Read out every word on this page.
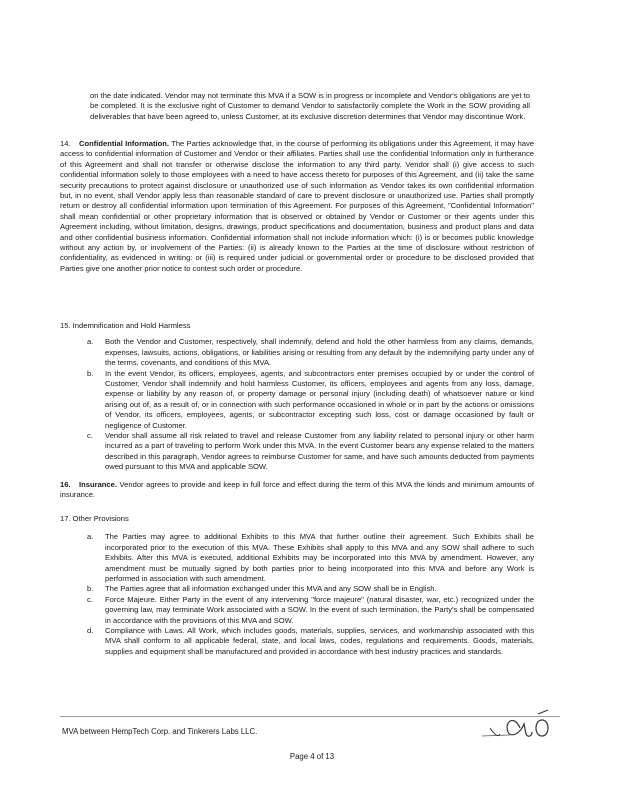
on the date indicated. Vendor may not terminate this MVA if a SOW is in progress or incomplete and Vendor's obligations are yet to be completed. It is the exclusive right of Customer to demand Vendor to satisfactorily complete the Work in the SOW providing all deliverables that have been agreed to, unless Customer, at its exclusive discretion determines that Vendor may discontinue Work.

14. Confidential Information. The Parties acknowledge that, in the course of performing its obligations under this Agreement, it may have access to confidential information of Customer and Vendor or their affiliates. Parties shall use the confidential Information only in furtherance of this Agreement and shall not transfer or otherwise disclose the information to any third party. Vendor shall (i) give access to such confidential information solely to those employees with a need to have access thereto for purposes of this Agreement, and (ii) take the same security precautions to protect against disclosure or unauthorized use of such information as Vendor takes its own confidential information but, in no event, shall Vendor apply less than reasonable standard of care to prevent disclosure or unauthorized use. Parties shall promptly return or destroy all confidential information upon termination of this Agreement. For purposes of this Agreement, "Confidential Information" shall mean confidential or other proprietary information that is observed or obtained by Vendor or Customer or their agents under this Agreement including, without limitation, designs, drawings, product specifications and documentation, business and product plans and data and other confidential business information. Confidential information shall not include information which: (i) is or becomes public knowledge without any action by, or involvement of the Parties: (ii) is already known to the Parties at the time of disclosure without restriction of confidentiality, as evidenced in writing: or (iii) is required under judicial or governmental order or procedure to be disclosed provided that Parties give one another prior notice to contest such order or procedure.

15. Indemnification and Hold Harmless

a. Both the Vendor and Customer, respectively, shall indemnify, defend and hold the other harmless from any claims, demands, expenses, lawsuits, actions, obligations, or liabilities arising or resulting from any default by the indemnifying party under any of the terms, covenants, and conditions of this MVA.

b. In the event Vendor, its officers, employees, agents, and subcontractors enter premises occupied by or under the control of Customer, Vendor shall indemnify and hold harmless Customer, its officers, employees and agents from any loss, damage, expense or liability by any reason of, or property damage or personal injury (including death) of whatsoever nature or kind arising out of, as a result of, or in connection with such performance occasioned in whole or in part by the actions or omissions of Vendor, its officers, employees, agents, or subcontractor excepting such loss, cost or damage occasioned by fault or negligence of Customer.

c. Vendor shall assume all risk related to travel and release Customer from any liability related to personal injury or other harm incurred as a part of traveling to perform Work under this MVA. In the event Customer bears any expense related to the matters described in this paragraph, Vendor agrees to reimburse Customer for same, and have such amounts deducted from payments owed pursuant to this MVA and applicable SOW.

16. Insurance. Vendor agrees to provide and keep in full force and effect during the term of this MVA the kinds and minimum amounts of insurance.

17. Other Provisions

a. The Parties may agree to additional Exhibits to this MVA that further outline their agreement. Such Exhibits shall be incorporated prior to the execution of this MVA. These Exhibits shall apply to this MVA and any SOW shall adhere to such Exhibits. After this MVA is executed, additional Exhibits may be incorporated into this MVA by amendment. However, any amendment must be mutually signed by both parties prior to being incorporated into this MVA and before any Work is performed in association with such amendment.

b. The Parties agree that all information exchanged under this MVA and any SOW shall be in English.

c. Force Majeure. Either Party in the event of any intervening "force majeure" (natural disaster, war, etc.) recognized under the governing law, may terminate Work associated with a SOW. In the event of such termination, the Party's shall be compensated in accordance with the provisions of this MVA and SOW.

d. Compliance with Laws. All Work, which includes goods, materials, supplies, services, and workmanship associated with this MVA shall conform to all applicable federal, state, and local laws, codes, regulations and requirements. Goods, materials, supplies and equipment shall be manufactured and provided in accordance with best industry practices and standards.

MVA between HempTech Corp. and Tinkerers Labs LLC.
Page 4 of 13
